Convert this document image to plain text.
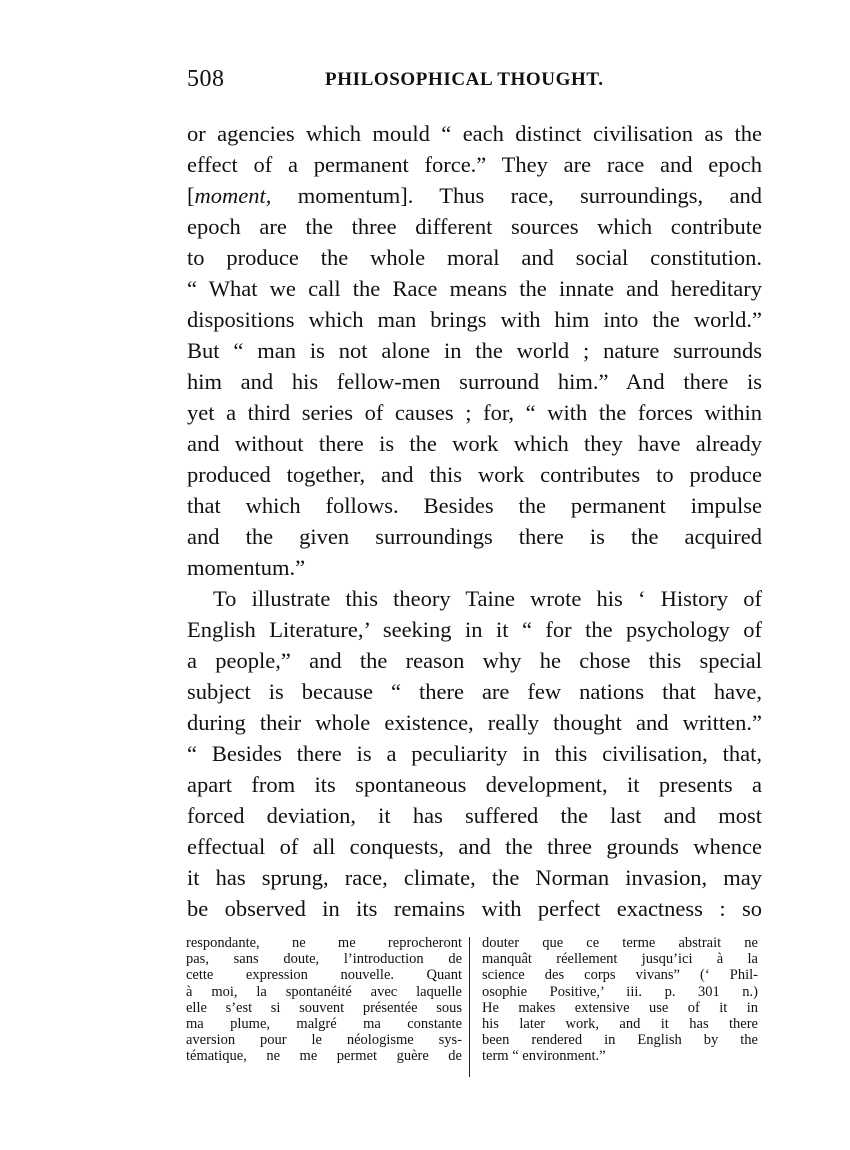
508	PHILOSOPHICAL THOUGHT.
or agencies which mould “ each distinct civilisation as the
effect of a permanent force.” They are race and epoch
[moment, momentum]. Thus race, surroundings, and
epoch are the three different sources which contribute
to produce the whole moral and social constitution.
“ What we call the Race means the innate and hereditary
dispositions which man brings with him into the world.”
But “ man is not alone in the world ; nature surrounds
him and his fellow-men surround him.” And there is
yet a third series of causes ; for, “ with the forces within
and without there is the work which they have already
produced together, and this work contributes to produce
that which follows. Besides the permanent impulse
and the given surroundings there is the acquired
momentum.”
To illustrate this theory Taine wrote his ‘ History of
English Literature,’ seeking in it “ for the psychology of
a people,” and the reason why he chose this special
subject is because “ there are few nations that have,
during their whole existence, really thought and written.”
“ Besides there is a peculiarity in this civilisation, that,
apart from its spontaneous development, it presents a
forced deviation, it has suffered the last and most
effectual of all conquests, and the three grounds whence
it has sprung, race, climate, the Norman invasion, may
be observed in its remains with perfect exactness : so
respondante, ne me reprocheront
pas, sans doute, l’introduction de
cette expression nouvelle. Quant
à moi, la spontanéité avec laquelle
elle s’est si souvent présentée sous
ma plume, malgré ma constante
aversion pour le néologisme sys-
tématique, ne me permet guère de
douter que ce terme abstrait ne
manquât réellement jusqu’ici à la
science des corps vivans” (‘ Phil-
osophie Positive,’ iii. p. 301 n.)
He makes extensive use of it in
his later work, and it has there
been rendered in English by the
term “ environment.”
